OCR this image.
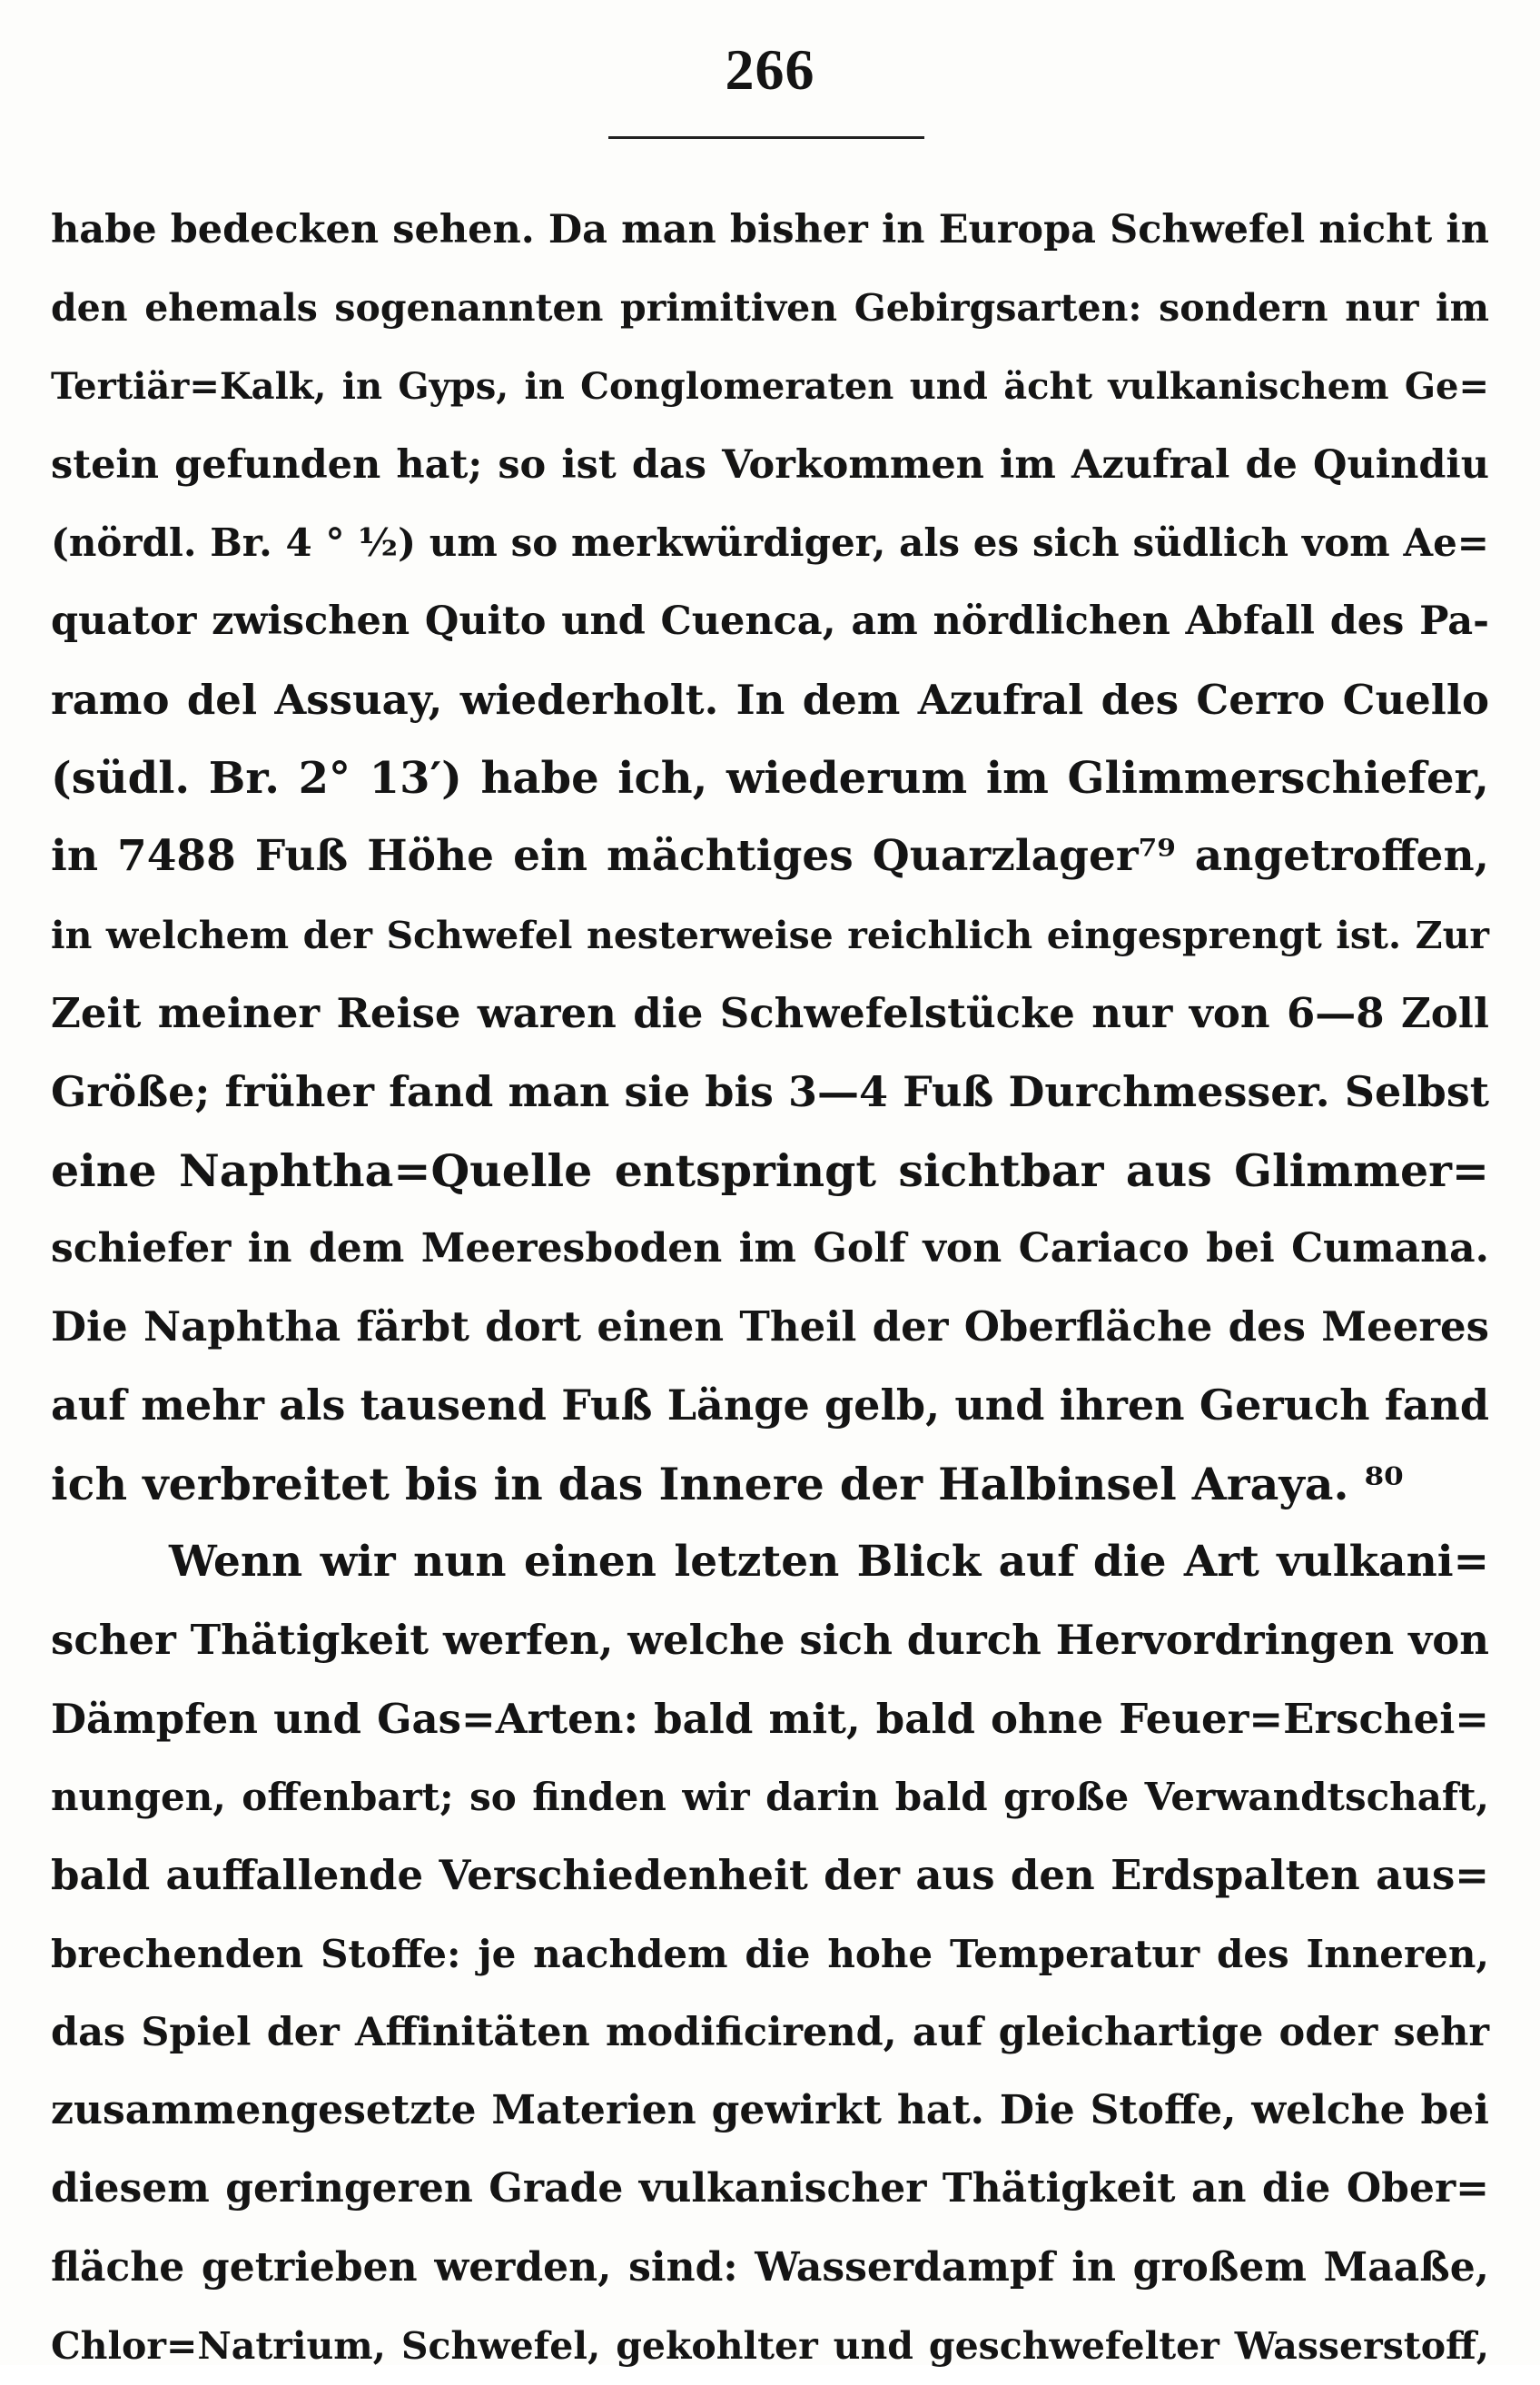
266
habe bedecken sehen. Da man bisher in Europa Schwefel nicht in
den ehemals sogenannten primitiven Gebirgsarten: sondern nur im
Tertiär=Kalk, in Gyps, in Conglomeraten und ächt vulkanischem Ge=
stein gefunden hat; so ist das Vorkommen im Azufral de Quindiu
(nördl. Br. 4 ° ½) um so merkwürdiger, als es sich südlich vom Ae=
quator zwischen Quito und Cuenca, am nördlichen Abfall des Pa-
ramo del Assuay, wiederholt. In dem Azufral des Cerro Cuello
(südl. Br. 2° 13′) habe ich, wiederum im Glimmerschiefer,
in 7488 Fuß Höhe ein mächtiges Quarzlager⁷⁹ angetroffen,
in welchem der Schwefel nesterweise reichlich eingesprengt ist. Zur
Zeit meiner Reise waren die Schwefelstücke nur von 6—8 Zoll
Größe; früher fand man sie bis 3—4 Fuß Durchmesser. Selbst
eine Naphtha=Quelle entspringt sichtbar aus Glimmer=
schiefer in dem Meeresboden im Golf von Cariaco bei Cumana.
Die Naphtha färbt dort einen Theil der Oberfläche des Meeres
auf mehr als tausend Fuß Länge gelb, und ihren Geruch fand
ich verbreitet bis in das Innere der Halbinsel Araya. ⁸⁰
Wenn wir nun einen letzten Blick auf die Art vulkani=
scher Thätigkeit werfen, welche sich durch Hervordringen von
Dämpfen und Gas=Arten: bald mit, bald ohne Feuer=Erschei=
nungen, offenbart; so finden wir darin bald große Verwandtschaft,
bald auffallende Verschiedenheit der aus den Erdspalten aus=
brechenden Stoffe: je nachdem die hohe Temperatur des Inneren,
das Spiel der Affinitäten modificirend, auf gleichartige oder sehr
zusammengesetzte Materien gewirkt hat. Die Stoffe, welche bei
diesem geringeren Grade vulkanischer Thätigkeit an die Ober=
fläche getrieben werden, sind: Wasserdampf in großem Maaße,
Chlor=Natrium, Schwefel, gekohlter und geschwefelter Wasserstoff,
